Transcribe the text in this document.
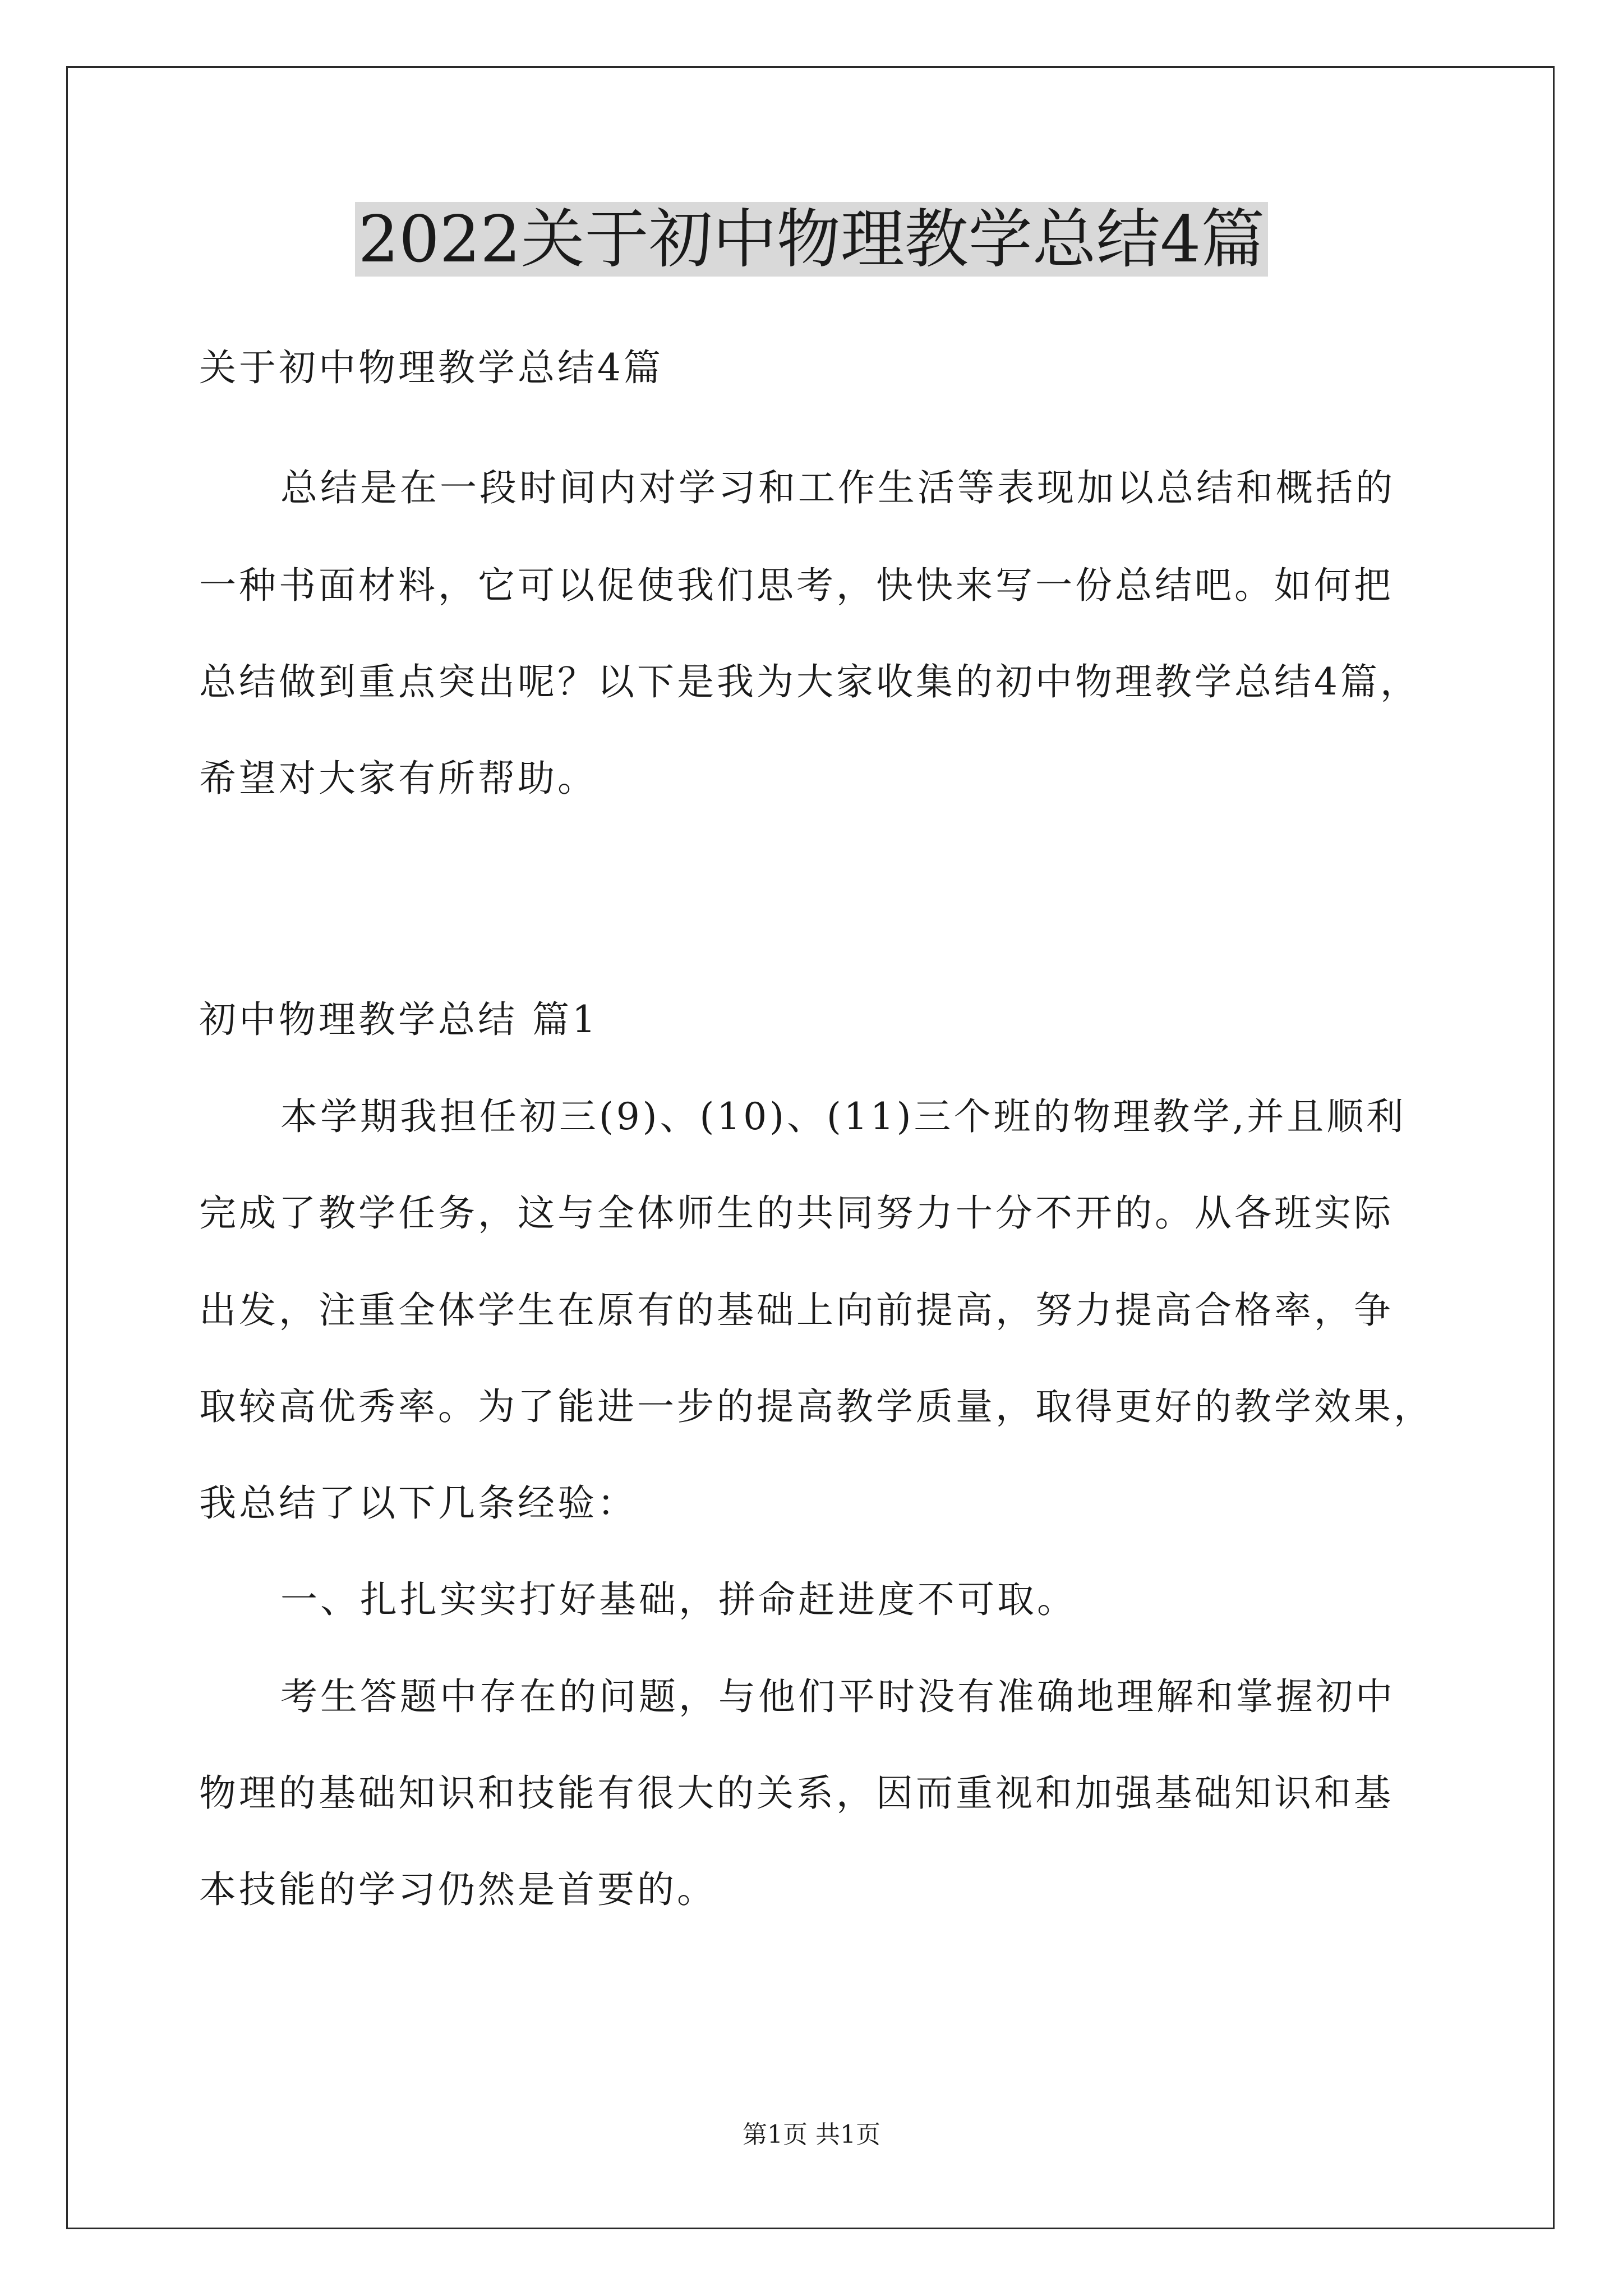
2022关于初中物理教学总结4篇

关于初中物理教学总结4篇

总结是在一段时间内对学习和工作生活等表现加以总结和概括的

一种书面材料，它可以促使我们思考，快快来写一份总结吧。如何把

总结做到重点突出呢？以下是我为大家收集的初中物理教学总结4篇，

希望对大家有所帮助。

初中物理教学总结 篇1

本学期我担任初三(9)、(10)、(11)三个班的物理教学,并且顺利

完成了教学任务，这与全体师生的共同努力十分不开的。从各班实际

出发，注重全体学生在原有的基础上向前提高，努力提高合格率，争

取较高优秀率。为了能进一步的提高教学质量，取得更好的教学效果，

我总结了以下几条经验：

一、扎扎实实打好基础，拼命赶进度不可取。

考生答题中存在的问题，与他们平时没有准确地理解和掌握初中

物理的基础知识和技能有很大的关系，因而重视和加强基础知识和基

本技能的学习仍然是首要的。

第1页 共1页
